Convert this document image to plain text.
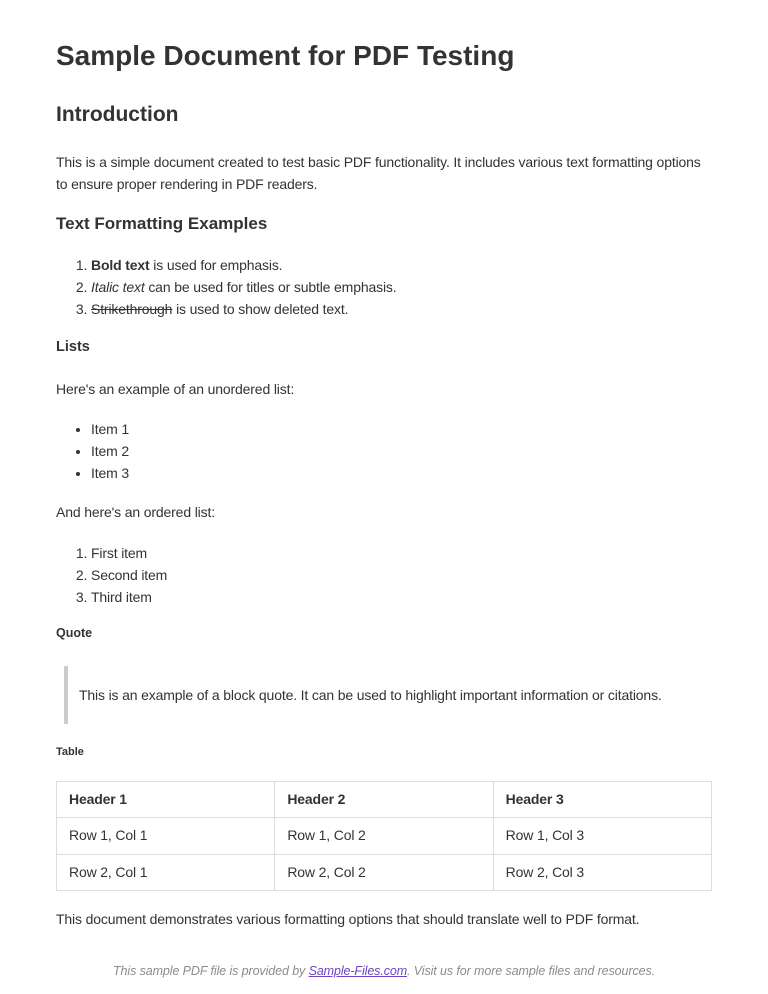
Sample Document for PDF Testing
Introduction

This is a simple document created to test basic PDF functionality. It includes various text formatting options to ensure proper rendering in PDF readers.

Text Formatting Examples
1. Bold text is used for emphasis.
2. Italic text can be used for titles or subtle emphasis.
3. Strikethrough is used to show deleted text.
Lists

Here's an example of an unordered list:

• Item 1
• Item 2
• Item 3

And here's an ordered list:

1. First item
2. Second item
3. Third item
Quote

This is an example of a block quote. It can be used to highlight important information or citations.

Table
Header 1	Header 2	Header 3
Row 1, Col 1	Row 1, Col 2	Row 1, Col 3
Row 2, Col 1	Row 2, Col 2	Row 2, Col 3

This document demonstrates various formatting options that should translate well to PDF format.

This sample PDF file is provided by Sample-Files.com. Visit us for more sample files and resources.
